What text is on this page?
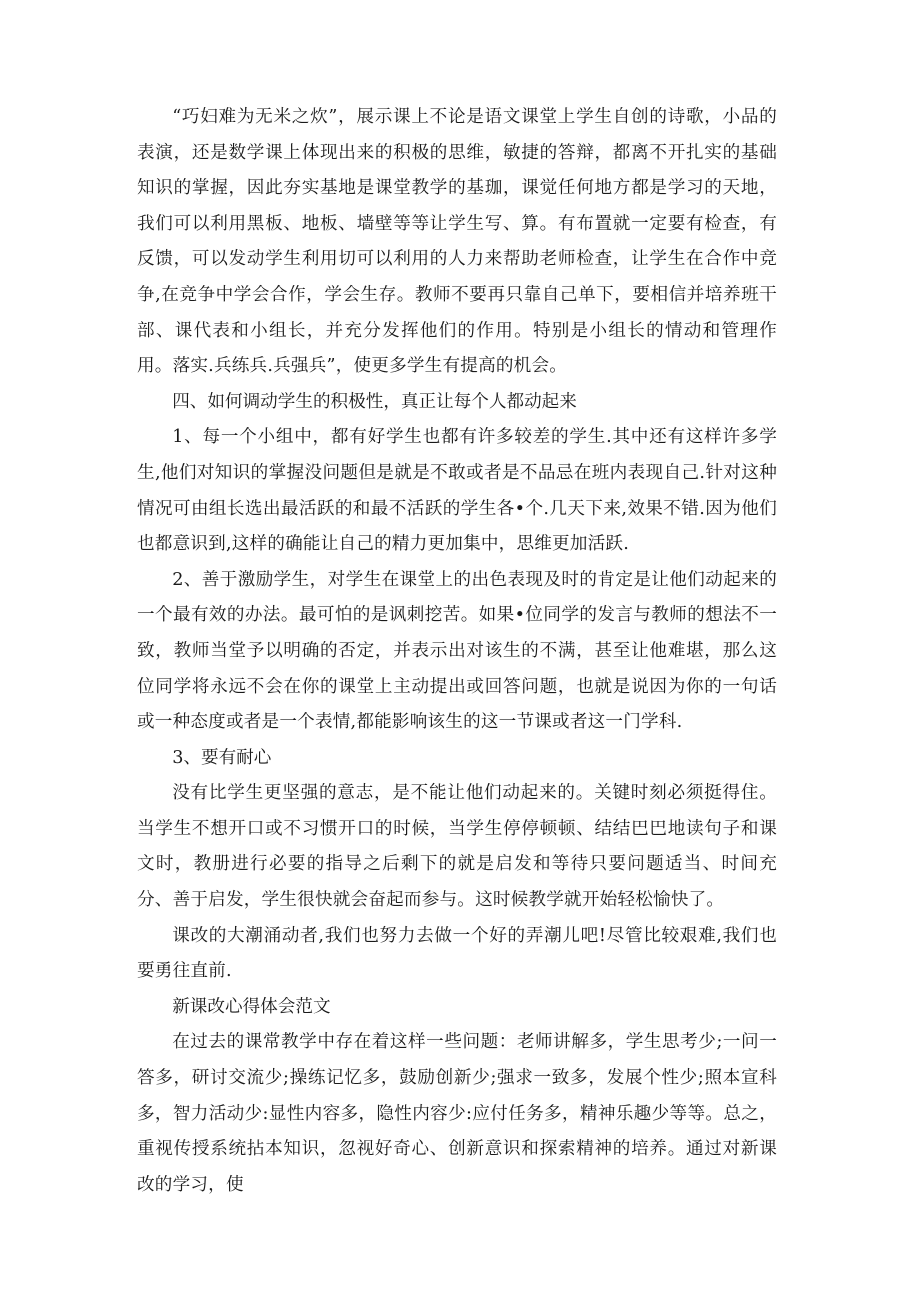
“巧妇难为无米之炊”，展示课上不论是语文课堂上学生自创的诗歌，小品的表演，还是数学课上体现出来的积极的思维，敏捷的答辩，都离不开扎实的基础知识的掌握，因此夯实基地是课堂教学的基珈，课觉任何地方都是学习的天地，我们可以利用黑板、地板、墙壁等等让学生写、算。有布置就一定要有检查，有反馈，可以发动学生利用切可以利用的人力来帮助老师检查，让学生在合作中竞争,在竞争中学会合作，学会生存。教师不要再只靠自己单下，要相信并培养班干部、课代表和小组长，并充分发挥他们的作用。特别是小组长的情动和管理作用。落实.兵练兵.兵强兵”，使更多学生有提高的机会。

四、如何调动学生的积极性，真正让每个人都动起来

1、每一个小组中，都有好学生也都有许多较差的学生.其中还有这样许多学生,他们对知识的掌握没问题但是就是不敢或者是不品忌在班内表现自己.针对这种情况可由组长选出最活跃的和最不活跃的学生各•个.几天下来,效果不错.因为他们也都意识到,这样的确能让自己的精力更加集中，思维更加活跃.

2、善于激励学生，对学生在课堂上的出色表现及时的肯定是让他们动起来的一个最有效的办法。最可怕的是讽刺挖苦。如果•位同学的发言与教师的想法不一致，教师当堂予以明确的否定，并表示出对该生的不满，甚至让他难堪，那么这位同学将永远不会在你的课堂上主动提出或回答问题，也就是说因为你的一句话或一种态度或者是一个表情,都能影响该生的这一节课或者这一门学科.

3、要有耐心

没有比学生更坚强的意志，是不能让他们动起来的。关键时刻必须挺得住。当学生不想开口或不习惯开口的时候，当学生停停顿顿、结结巴巴地读句子和课文时，教册进行必要的指导之后剩下的就是启发和等待只要问题适当、时间充分、善于启发，学生很快就会奋起而参与。这时候教学就开始轻松愉快了。

课改的大潮涌动者,我们也努力去做一个好的弄潮儿吧!尽管比较艰难,我们也要勇往直前.

新课改心得体会范文

在过去的课常教学中存在着这样一些问题：老师讲解多，学生思考少;一问一答多，研讨交流少;操练记忆多，鼓励创新少;强求一致多，发展个性少;照本宣科多，智力活动少:显性内容多，隐性内容少:应付任务多，精神乐趣少等等。总之，重视传授系统拈本知识，忽视好奇心、创新意识和探索精神的培养。通过对新课改的学习，使
